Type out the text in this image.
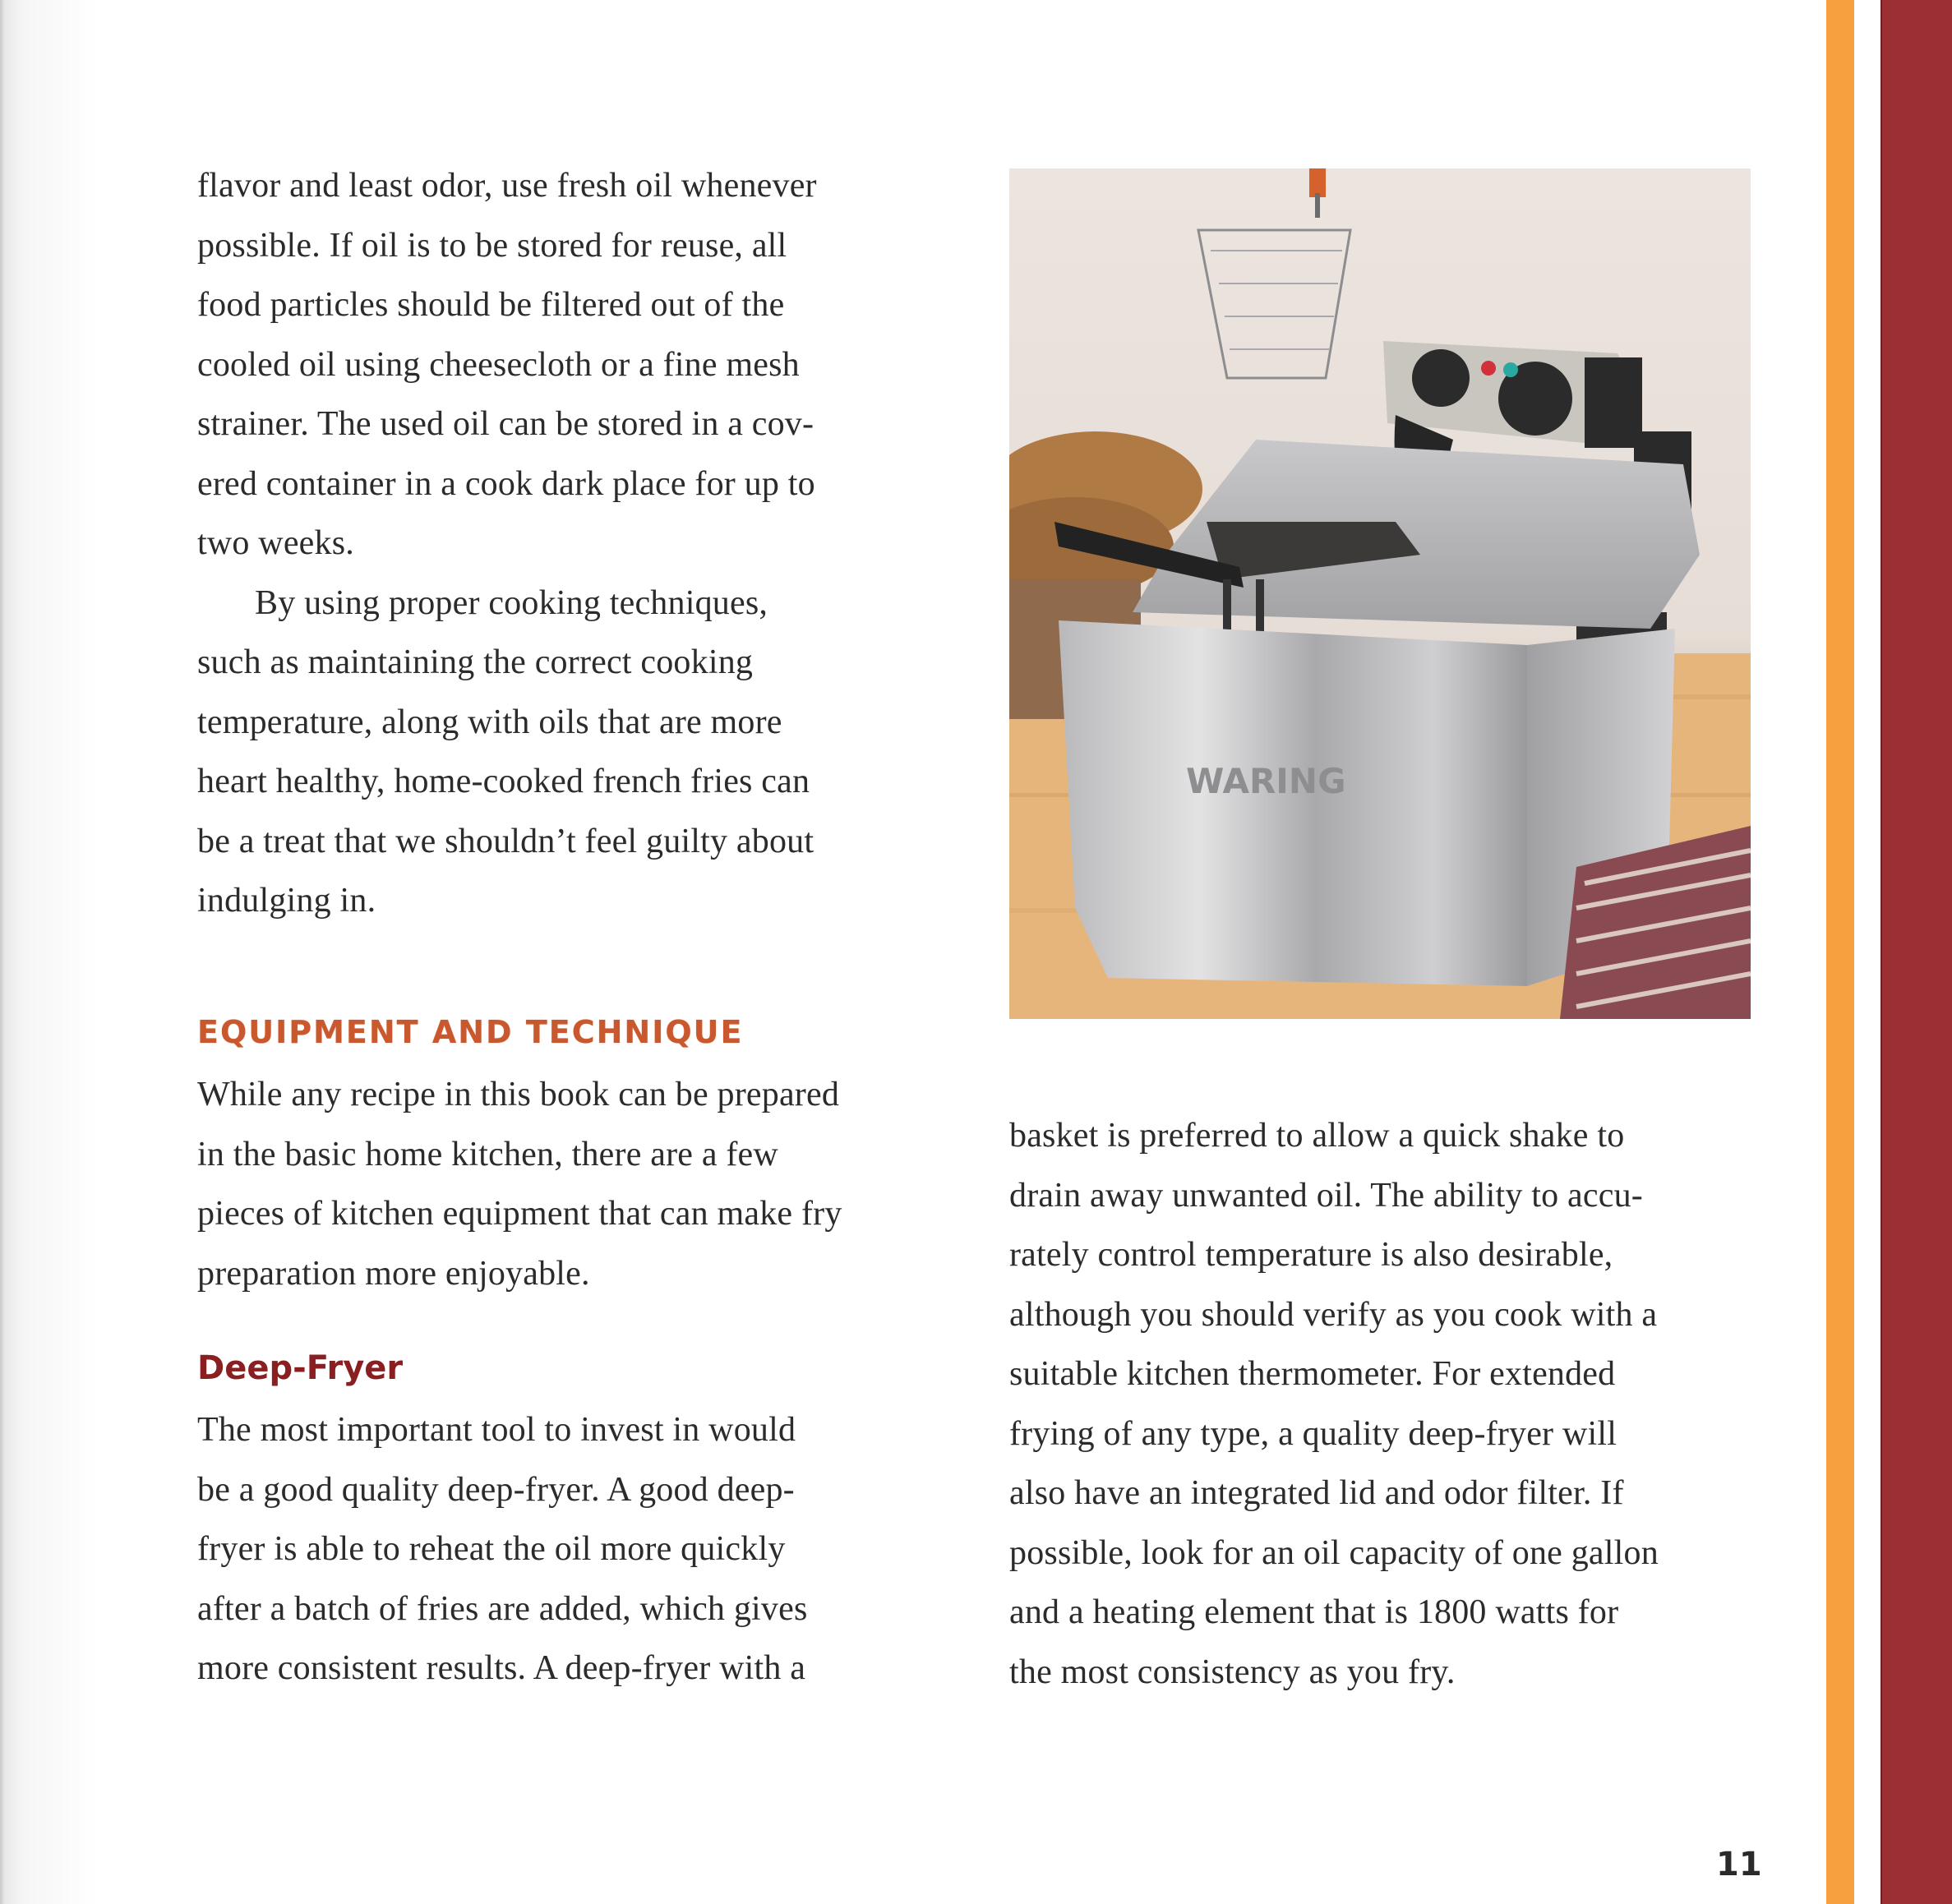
flavor and least odor, use fresh oil whenever
possible. If oil is to be stored for reuse, all
food particles should be filtered out of the
cooled oil using cheesecloth or a fine mesh
strainer. The used oil can be stored in a cov-
ered container in a cook dark place for up to
two weeks.
By using proper cooking techniques,
such as maintaining the correct cooking
temperature, along with oils that are more
heart healthy, home-cooked french fries can
be a treat that we shouldn’t feel guilty about
indulging in.
EQUIPMENT AND TECHNIQUE
While any recipe in this book can be prepared
in the basic home kitchen, there are a few
pieces of kitchen equipment that can make fry
preparation more enjoyable.
Deep-Fryer
The most important tool to invest in would
be a good quality deep-fryer. A good deep-
fryer is able to reheat the oil more quickly
after a batch of fries are added, which gives
more consistent results. A deep-fryer with a
WARING
basket is preferred to allow a quick shake to
drain away unwanted oil. The ability to accu-
rately control temperature is also desirable,
although you should verify as you cook with a
suitable kitchen thermometer. For extended
frying of any type, a quality deep-fryer will
also have an integrated lid and odor filter. If
possible, look for an oil capacity of one gallon
and a heating element that is 1800 watts for
the most consistency as you fry.
11
